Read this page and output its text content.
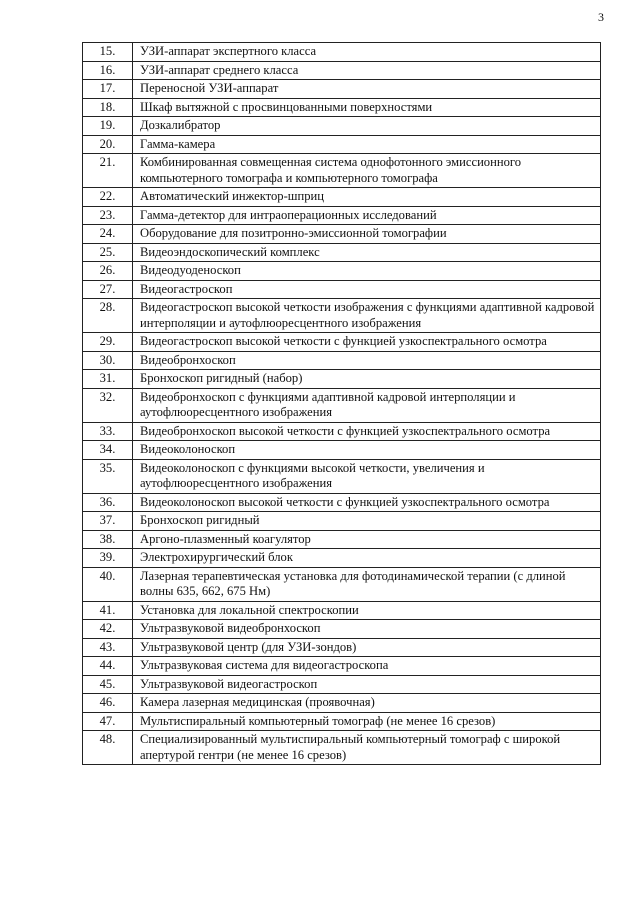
3
15.	УЗИ-аппарат экспертного класса
16.	УЗИ-аппарат среднего класса
17.	Переносной УЗИ-аппарат
18.	Шкаф вытяжной с просвинцованными поверхностями
19.	Дозкалибратор
20.	Гамма-камера
21.	Комбинированная совмещенная система однофотонного эмиссионного компьютерного томографа и компьютерного томографа
22.	Автоматический инжектор-шприц
23.	Гамма-детектор для интраоперационных исследований
24.	Оборудование для позитронно-эмиссионной томографии
25.	Видеоэндоскопический комплекс
26.	Видеодуоденоскоп
27.	Видеогастроскоп
28.	Видеогастроскоп высокой четкости изображения с функциями адаптивной кадровой интерполяции и аутофлюоресцентного изображения
29.	Видеогастроскоп высокой четкости с функцией узкоспектрального осмотра
30.	Видеобронхоскоп
31.	Бронхоскоп ригидный (набор)
32.	Видеобронхоскоп с функциями адаптивной кадровой интерполяции и аутофлюоресцентного изображения
33.	Видеобронхоскоп высокой четкости с функцией узкоспектрального осмотра
34.	Видеоколоноскоп
35.	Видеоколоноскоп с функциями высокой четкости, увеличения и аутофлюоресцентного изображения
36.	Видеоколоноскоп высокой четкости с функцией узкоспектрального осмотра
37.	Бронхоскоп ригидный
38.	Аргоно-плазменный коагулятор
39.	Электрохирургический блок
40.	Лазерная терапевтическая установка для фотодинамической терапии (с длиной волны 635, 662, 675 Нм)
41.	Установка для локальной спектроскопии
42.	Ультразвуковой видеобронхоскоп
43.	Ультразвуковой центр (для УЗИ-зондов)
44.	Ультразвуковая система для видеогастроскопа
45.	Ультразвуковой видеогастроскоп
46.	Камера лазерная медицинская (проявочная)
47.	Мультиспиральный компьютерный томограф (не менее 16 срезов)
48.	Специализированный мультиспиральный компьютерный томограф с широкой апертурой гентри (не менее 16 срезов)
